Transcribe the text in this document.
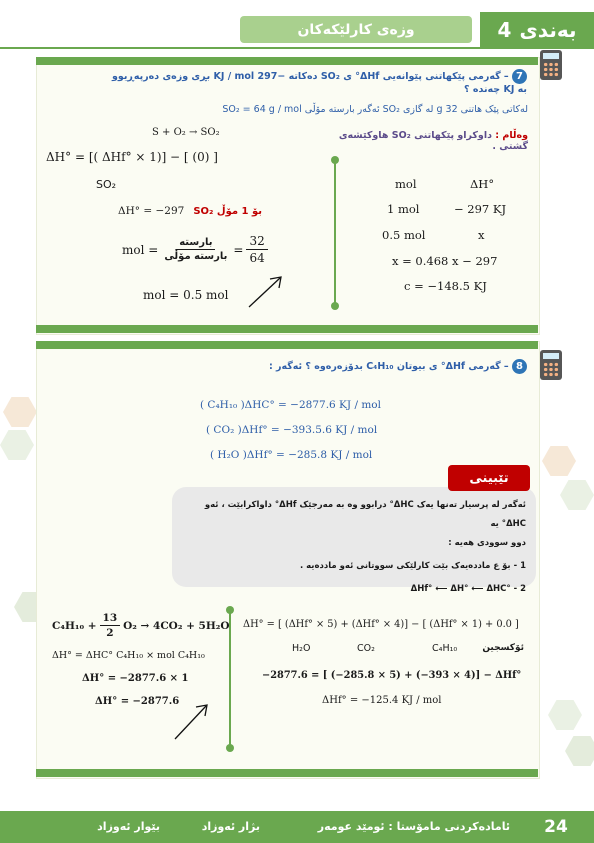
بەندی
4
وزەی کارلێکەکان
7 – گەرمی پێکهاتنی پێوانەیی ΔHf° ی SO₂ دەکاتە −297 KJ / mol بڕی وزەی دەرپەڕیوو بە KJ چەندە ؟
لەکاتی پێک هاتنی 32 g لە گازی SO₂ ئەگەر بارستە مۆڵی SO₂ = 64 g / mol
وەڵام : داوکراو پێکهاتنی SO₂ هاوکێشەی گشتی .
S + O₂ → SO₂
ΔH° = [( ΔHf° × 1)] − [ (0) ]
SO₂
ΔH° = −297 بۆ 1 مۆڵ SO₂
mol = $\frac{\text{بارستە}}{\text{بارستە مۆڵی}} = \frac{32}{64}$
mol = 0.5 mol
mol	ΔH°
1 mol	− 297 KJ
0.5 mol	x
x = 0.468 x − 297
c = −148.5 KJ
8 – گەرمی ΔHf° ی بیوتان C₄H₁₀ بدۆزەرەوە ؟ ئەگەر :
( C₄H₁₀ )ΔHC° = −2877.6 KJ / mol
( CO₂ )ΔHf° = −393.5.6 KJ / mol
( H₂O )ΔHf° = −285.8 KJ / mol
تێبینی
ئەگەر لە پرسیار تەنها یەک ΔHC° درابوو وە بە مەرجێک ΔHf° داواکرابێت ، ئەو ΔHC° یە
دوو سوودی هەیە :
1 - بۆ ع ماددەیەک بێت کارلێکی سووتانی ئەو ماددەیە .
ΔHf° ⟵ ΔH° ⟵ ΔHC° - 2
$C_4H_{10} + \frac{13}{2} O_2 \to 4CO_2 + 5H_2O$
ΔH° = ΔHC° C₄H₁₀ × mol C₄H₁₀
ΔH° = −2877.6 × 1
ΔH° = −2877.6
ΔH° = [ (ΔHf° × 5) + (ΔHf° × 4)] − [ (ΔHf° × 1) + 0.0 ]
H₂O	CO₂	C₄H₁₀	ئۆکسجین
−2877.6 = [ (−285.8 × 5) + (−393 × 4)] − ΔHf°
ΔHf° = −125.4 KJ / mol
24
ئامادەکردنی مامۆستا : ئومێد عومەر
بژار ئەوزاد
بێوار ئەوزاد
